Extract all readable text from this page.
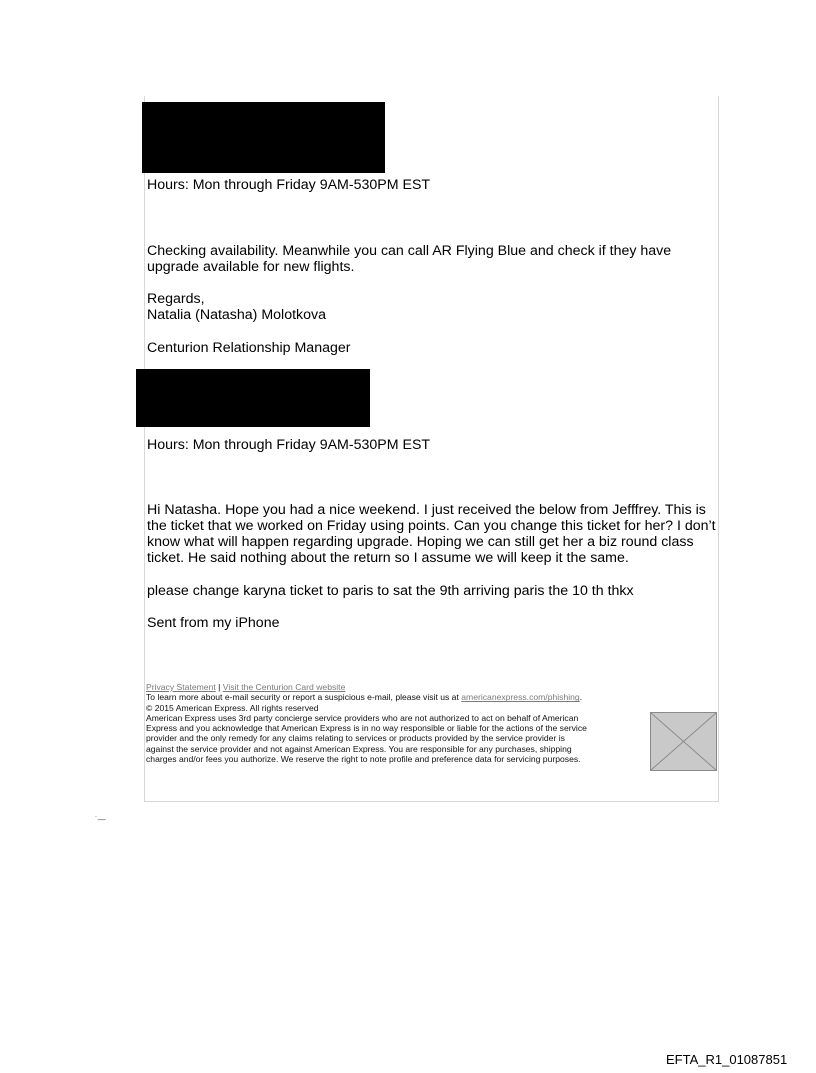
Hours: Mon through Friday 9AM-530PM EST
Checking availability. Meanwhile you can call AR Flying Blue and check if they have
upgrade available for new flights.
Regards,
Natalia (Natasha) Molotkova
Centurion Relationship Manager
Hours: Mon through Friday 9AM-530PM EST
Hi Natasha. Hope you had a nice weekend. I just received the below from Jefffrey. This is
the ticket that we worked on Friday using points. Can you change this ticket for her? I don’t
know what will happen regarding upgrade. Hoping we can still get her a biz round class
ticket. He said nothing about the return so I assume we will keep it the same.
please change karyna ticket to paris to sat the 9th arriving paris the 10 th thkx
Sent from my iPhone
Privacy Statement | Visit the Centurion Card website
To learn more about e-mail security or report a suspicious e-mail, please visit us at americanexpress.com/phishing.
© 2015 American Express. All rights reserved
American Express uses 3rd party concierge service providers who are not authorized to act on behalf of American
Express and you acknowledge that American Express is in no way responsible or liable for the actions of the service
provider and the only remedy for any claims relating to services or products provided by the service provider is
against the service provider and not against American Express. You are responsible for any purchases, shipping
charges and/or fees you authorize. We reserve the right to note profile and preference data for servicing purposes.
˙—
EFTA_R1_01087851
